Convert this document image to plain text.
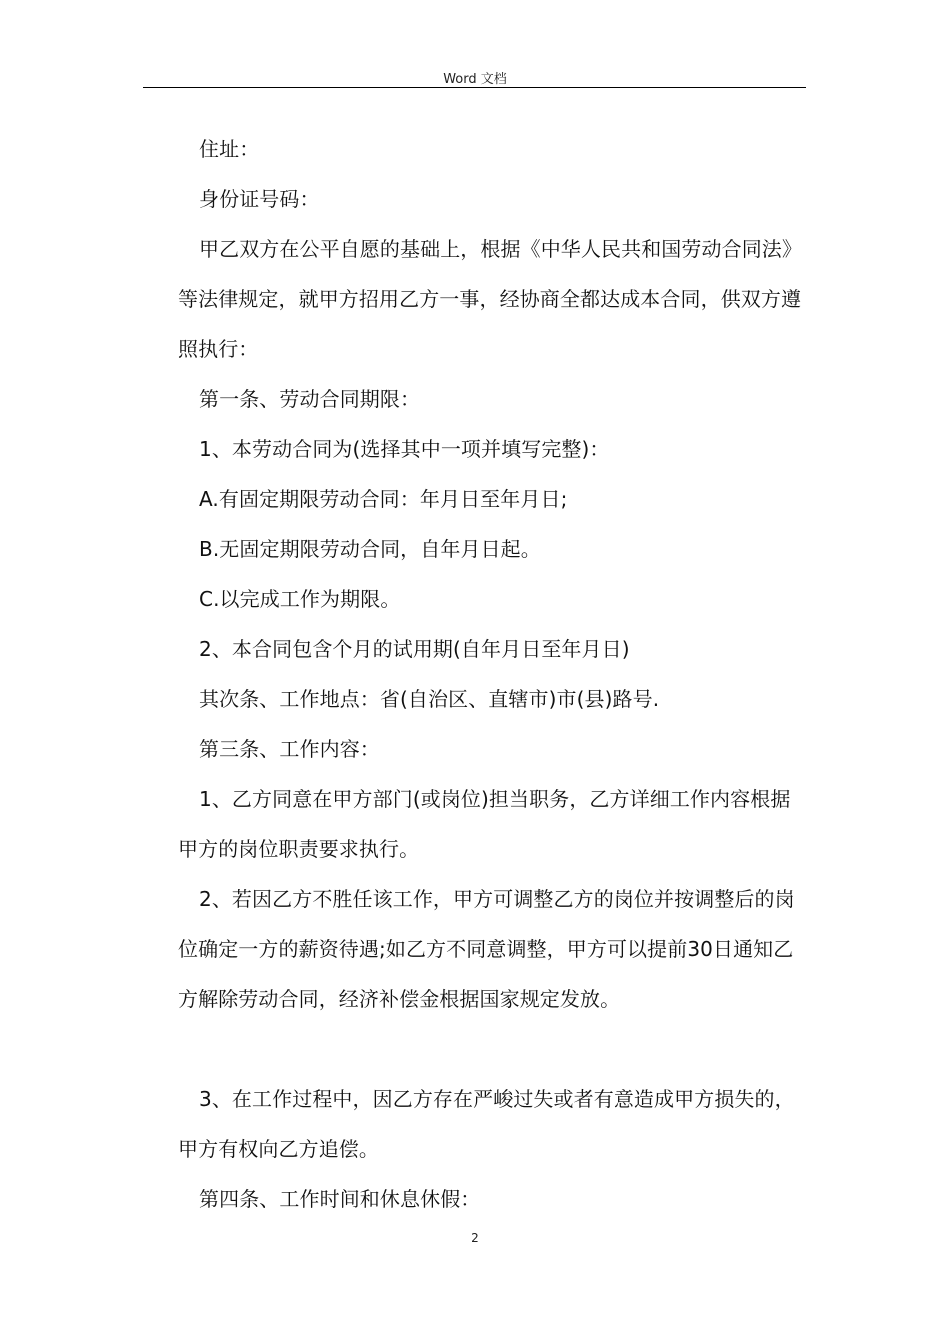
Word 文档

住址：

身份证号码：

甲乙双方在公平自愿的基础上，根据《中华人民共和国劳动合同法》等法律规定，就甲方招用乙方一事，经协商全都达成本合同，供双方遵照执行：

第一条、劳动合同期限：

1、本劳动合同为(选择其中一项并填写完整)：

A.有固定期限劳动合同：年月日至年月日;

B.无固定期限劳动合同，自年月日起。

C.以完成工作为期限。

2、本合同包含个月的试用期(自年月日至年月日)

其次条、工作地点：省(自治区、直辖市)市(县)路号.

第三条、工作内容：

1、乙方同意在甲方部门(或岗位)担当职务，乙方详细工作内容根据甲方的岗位职责要求执行。

2、若因乙方不胜任该工作，甲方可调整乙方的岗位并按调整后的岗位确定一方的薪资待遇;如乙方不同意调整，甲方可以提前30日通知乙方解除劳动合同，经济补偿金根据国家规定发放。

3、在工作过程中，因乙方存在严峻过失或者有意造成甲方损失的，甲方有权向乙方追偿。

第四条、工作时间和休息休假：

2
